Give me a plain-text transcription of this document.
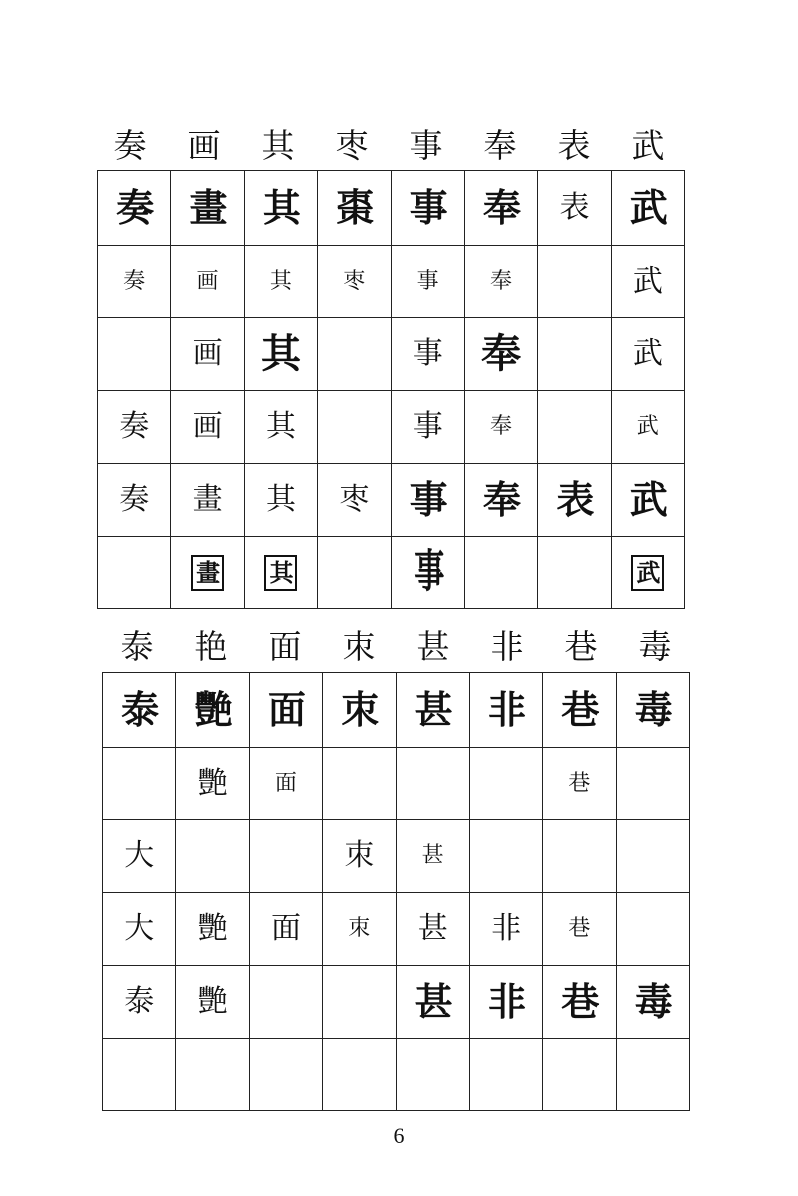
奏	画	其	枣	事	奉	表	武
奏	畫	其	棗	事	奉	表	武
奏	画	其	枣	事	奉		武
	画	其		事	奉		武
奏	画	其		事	奉		武
奏	畫	其	枣	事	奉	表	武
	畫	其		事			武
泰	艳	面	朿	甚	非	巷	毒
泰	艷	面	朿	甚	非	巷	毒
	艷	面				巷	
大			朿	甚			
大	艷	面	朿	甚	非	巷	
泰	艷			甚	非	巷	毒

6
